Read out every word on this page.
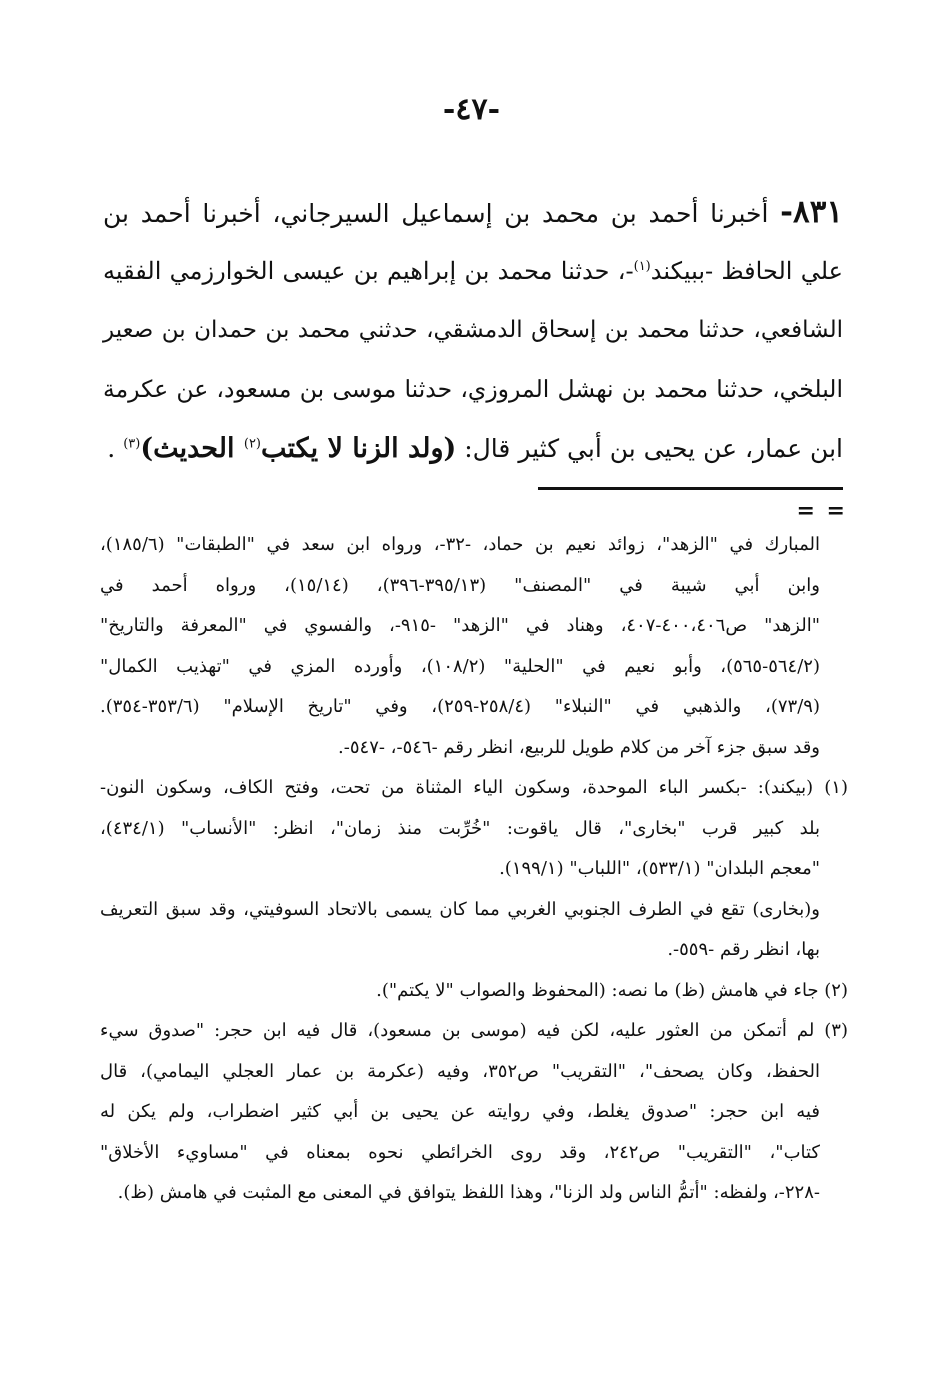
-٤٧-
٨٣١- أخبرنا أحمد بن محمد بن إسماعيل السيرجاني، أخبرنا أحمد بن
علي الحافظ -ببيكند$^{(١)}$-، حدثنا محمد بن إبراهيم بن عيسى الخوارزمي الفقيه
الشافعي، حدثنا محمد بن إسحاق الدمشقي، حدثني محمد بن حمدان بن صعير
البلخي، حدثنا محمد بن نهشل المروزي، حدثنا موسى بن مسعود، عن عكرمة
ابن عمار، عن يحيى بن أبي كثير قال: (ولد الزنا لا يكتب$^{(٢)}$ الحديث)$^{(٣)}$ .
= =
المبارك في "الزهد"، زوائد نعيم بن حماد، -٣٢-، ورواه ابن سعد في "الطبقات" (١٨٥/٦)،
وابن أبي شيبة في "المصنف" (٣٩٥/١٣-٣٩٦)، (١٥/١٤)، ورواه أحمد في
"الزهد" ص٤٠٠،٤٠٦-٤٠٧، وهناد في "الزهد" -٩١٥-، والفسوي في "المعرفة والتاريخ"
(٥٦٤/٢-٥٦٥)، وأبو نعيم في "الحلية" (١٠٨/٢)، وأورده المزي في "تهذيب الكمال"
(٧٣/٩)، والذهبي في "النبلاء" (٢٥٨/٤-٢٥٩)، وفي "تاريخ الإسلام" (٣٥٣/٦-٣٥٤).
وقد سبق جزء آخر من كلام طويل للربيع، انظر رقم -٥٤٦-، -٥٤٧-.
(١) (بيكند): -بكسر الباء الموحدة، وسكون الياء المثناة من تحت، وفتح الكاف، وسكون النون-
بلد كبير قرب "بخارى"، قال ياقوت: "خُرِّبت منذ زمان"، انظر: "الأنساب" (٤٣٤/١)،
"معجم البلدان" (٥٣٣/١)، "اللباب" (١٩٩/١).
و(بخارى) تقع في الطرف الجنوبي الغربي مما كان يسمى بالاتحاد السوفيتي، وقد سبق التعريف
بها، انظر رقم -٥٥٩-.
(٢) جاء في هامش (ظ) ما نصه: (المحفوظ والصواب "لا يكتم").
(٣) لم أتمكن من العثور عليه، لكن فيه (موسى بن مسعود)، قال فيه ابن حجر: "صدوق سيء
الحفظ، وكان يصحف"، "التقريب" ص٣٥٢، وفيه (عكرمة بن عمار العجلي اليمامي)، قال
فيه ابن حجر: "صدوق يغلط، وفي روايته عن يحيى بن أبي كثير اضطراب، ولم يكن له
كتاب"، "التقريب" ص٢٤٢، وقد روى الخرائطي نحوه بمعناه في "مساويء الأخلاق"
-٢٢٨-، ولفظه: "أتمُّ الناس ولد الزنا"، وهذا اللفظ يتوافق في المعنى مع المثبت في هامش (ظ).
